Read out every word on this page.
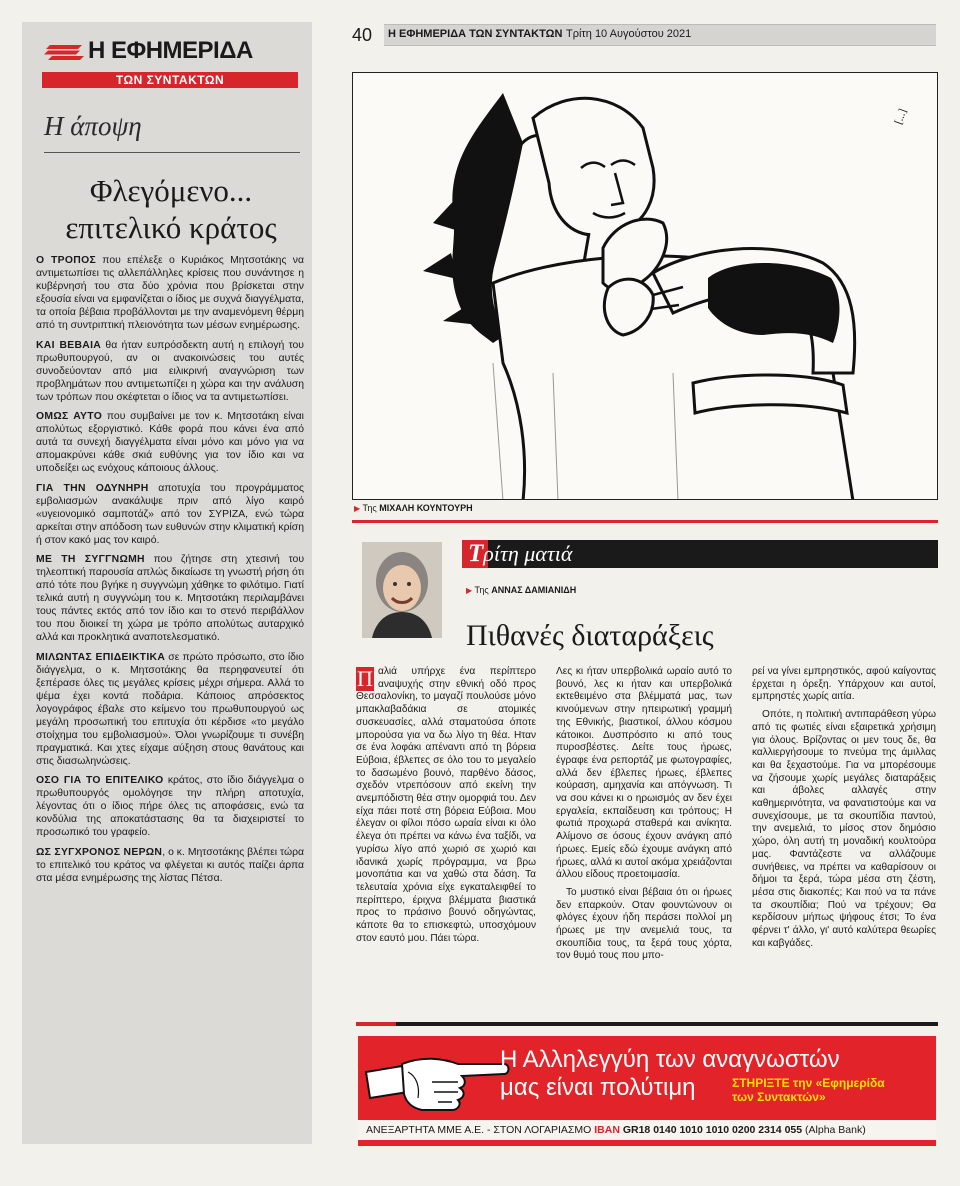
Η ΕΦΗΜΕΡΙΔΑ
ΤΩΝ ΣΥΝΤΑΚΤΩΝ
Η άποψη
Φλεγόμενο...
επιτελικό κράτος

Ο ΤΡΟΠΟΣ που επέλεξε ο Κυριάκος Μητσοτάκης να αντιμετωπίσει τις αλλεπάλληλες κρίσεις που συνάντησε η κυβέρνησή του στα δύο χρόνια που βρίσκεται στην εξουσία είναι να εμφανίζεται ο ίδιος με συχνά διαγγέλματα, τα οποία βέβαια προβάλλονται με την αναμενόμενη θέρμη από τη συντριπτική πλειονότητα των μέσων ενημέρωσης.

ΚΑΙ ΒΕΒΑΙΑ θα ήταν ευπρόσδεκτη αυτή η επιλογή του πρωθυπουργού, αν οι ανακοινώσεις του αυτές συνοδεύονταν από μια ειλικρινή αναγνώριση των προβλημάτων που αντιμετωπίζει η χώρα και την ανάλυση των τρόπων που σκέφτεται ο ίδιος να τα αντιμετωπίσει.

ΟΜΩΣ ΑΥΤΟ που συμβαίνει με τον κ. Μητσοτάκη είναι απολύτως εξοργιστικό. Κάθε φορά που κάνει ένα από αυτά τα συνεχή διαγγέλματα είναι μόνο και μόνο για να απομακρύνει κάθε σκιά ευθύνης για τον ίδιο και να υποδείξει ως ενόχους κάποιους άλλους.

ΓΙΑ ΤΗΝ ΟΔΥΝΗΡΗ αποτυχία του προγράμματος εμβολιασμών ανακάλυψε πριν από λίγο καιρό «υγειονομικό σαμποτάζ» από τον ΣΥΡΙΖΑ, ενώ τώρα αρκείται στην απόδοση των ευθυνών στην κλιματική κρίση ή στον κακό μας τον καιρό.

ΜΕ ΤΗ ΣΥΓΓΝΩΜΗ που ζήτησε στη χτεσινή του τηλεοπτική παρουσία απλώς δικαίωσε τη γνωστή ρήση ότι από τότε που βγήκε η συγγνώμη χάθηκε το φιλότιμο. Γιατί τελικά αυτή η συγγνώμη του κ. Μητσοτάκη περιλαμβάνει τους πάντες εκτός από τον ίδιο και το στενό περιβάλλον του που διοικεί τη χώρα με τρόπο απολύτως αυταρχικό αλλά και προκλητικά αναποτελεσματικό.

ΜΙΛΩΝΤΑΣ ΕΠΙΔΕΙΚΤΙΚΑ σε πρώτο πρόσωπο, στο ίδιο διάγγελμα, ο κ. Μητσοτάκης θα περηφανευτεί ότι ξεπέρασε όλες τις μεγάλες κρίσεις μέχρι σήμερα. Αλλά το ψέμα έχει κοντά ποδάρια. Κάποιος απρόσεκτος λογογράφος έβαλε στο κείμενο του πρωθυπουργού ως μεγάλη προσωπική του επιτυχία ότι κέρδισε «το μεγάλο στοίχημα του εμβολιασμού». Όλοι γνωρίζουμε τι συνέβη πραγματικά. Και χτες είχαμε αύξηση στους θανάτους και στις διασωληνώσεις.

ΟΣΟ ΓΙΑ ΤΟ ΕΠΙΤΕΛΙΚΟ κράτος, στο ίδιο διάγγελμα ο πρωθυπουργός ομολόγησε την πλήρη αποτυχία, λέγοντας ότι ο ίδιος πήρε όλες τις αποφάσεις, ενώ τα κονδύλια της αποκατάστασης θα τα διαχειριστεί το προσωπικό του γραφείο.

ΩΣ ΣΥΓΧΡΟΝΟΣ ΝΕΡΩΝ, ο κ. Μητσοτάκης βλέπει τώρα το επιτελικό του κράτος να φλέγεται κι αυτός παίζει άρπα στα μέσα ενημέρωσης της λίστας Πέτσα.

40	Η ΕΦΗΜΕΡΙΔΑ ΤΩΝ ΣΥΝΤΑΚΤΩΝ Τρίτη 10 Αυγούστου 2021
[...]
▶ Της ΜΙΧΑΛΗ ΚΟΥΝΤΟΥΡΗ
Τρίτη ματιά
▶ Της ΑΝΝΑΣ ΔΑΜΙΑΝΙΔΗ
Πιθανές διαταράξεις

Π αλιά υπήρχε ένα περίπτερο αναψυχής στην εθνική οδό προς Θεσσαλονίκη, το μαγαζί πουλούσε μόνο μπακλαβαδάκια σε ατομικές συσκευασίες, αλλά σταματούσα όποτε μπορούσα για να δω λίγο τη θέα. Ηταν σε ένα λοφάκι απέναντι από τη βόρεια Εύβοια, έβλεπες σε όλο του το μεγαλείο το δασωμένο βουνό, παρθένο δάσος, σχεδόν ντρεπόσουν από εκείνη την ανεμπόδιστη θέα στην ομορφιά του. Δεν είχα πάει ποτέ στη βόρεια Εύβοια. Μου έλεγαν οι φίλοι πόσο ωραία είναι κι όλο έλεγα ότι πρέπει να κάνω ένα ταξίδι, να γυρίσω λίγο από χωριό σε χωριό και ιδανικά χωρίς πρόγραμμα, να βρω μονοπάτια και να χαθώ στα δάση. Τα τελευταία χρόνια είχε εγκαταλειφθεί το περίπτερο, έριχνα βλέμματα βιαστικά προς το πράσινο βουνό οδηγώντας, κάποτε θα το επισκεφτώ, υποσχόμουν στον εαυτό μου. Πάει τώρα.

Λες κι ήταν υπερβολικά ωραίο αυτό το βουνό, λες κι ήταν και υπερβολικά εκτεθειμένο στα βλέμματά μας, των κινούμενων στην ηπειρωτική γραμμή της Εθνικής, βιαστικοί, άλλου κόσμου κάτοικοι. Δυσπρόσιτο κι από τους πυροσβέστες. Δείτε τους ήρωες, έγραφε ένα ρεπορτάζ με φωτογραφίες, αλλά δεν έβλεπες ήρωες, έβλεπες κούραση, αμηχανία και απόγνωση. Τι να σου κάνει κι ο ηρωισμός αν δεν έχει εργαλεία, εκπαίδευση και τρόπους; Η φωτιά προχωρά σταθερά και ανίκητα. Αλίμονο σε όσους έχουν ανάγκη από ήρωες. Εμείς εδώ έχουμε ανάγκη από ήρωες, αλλά κι αυτοί ακόμα χρειάζονται άλλου είδους προετοιμασία.

Το μυστικό είναι βέβαια ότι οι ήρωες δεν επαρκούν. Οταν φουντώνουν οι φλόγες έχουν ήδη περάσει πολλοί μη ήρωες με την ανεμελιά τους, τα σκουπίδια τους, τα ξερά τους χόρτα, τον θυμό τους που μπο-

ρεί να γίνει εμπρηστικός, αφού καίγοντας έρχεται η όρεξη. Υπάρχουν και αυτοί, εμπρηστές χωρίς αιτία.

Οπότε, η πολιτική αντιπαράθεση γύρω από τις φωτιές είναι εξαιρετικά χρήσιμη για όλους. Βρίζοντας οι μεν τους δε, θα καλλιεργήσουμε το πνεύμα της άμιλλας και θα ξεχαστούμε. Για να μπορέσουμε να ζήσουμε χωρίς μεγάλες διαταράξεις και άβολες αλλαγές στην καθημερινότητα, να φανατιστούμε και να συνεχίσουμε, με τα σκουπίδια παντού, την ανεμελιά, το μίσος στον δημόσιο χώρο, όλη αυτή τη μοναδική κουλτούρα μας. Φαντάζεστε να αλλάζουμε συνήθειες, να πρέπει να καθαρίσουν οι δήμοι τα ξερά, τώρα μέσα στη ζέστη, μέσα στις διακοπές; Και πού να τα πάνε τα σκουπίδια; Πού να τρέχουν; Θα κερδίσουν μήπως ψήφους έτσι; Το ένα φέρνει τ' άλλο, γι' αυτό καλύτερα θεωρίες και καβγάδες.

Η Αλληλεγγύη των αναγνωστών
μας είναι πολύτιμη	ΣΤΗΡΙΞΤΕ την «Εφημερίδα
των Συντακτών»
ΑΝΕΞΑΡΤΗΤΑ ΜΜΕ Α.Ε. - ΣΤΟΝ ΛΟΓΑΡΙΑΣΜΟ IBAN GR18 0140 1010 1010 0200 2314 055 (Alpha Bank)
